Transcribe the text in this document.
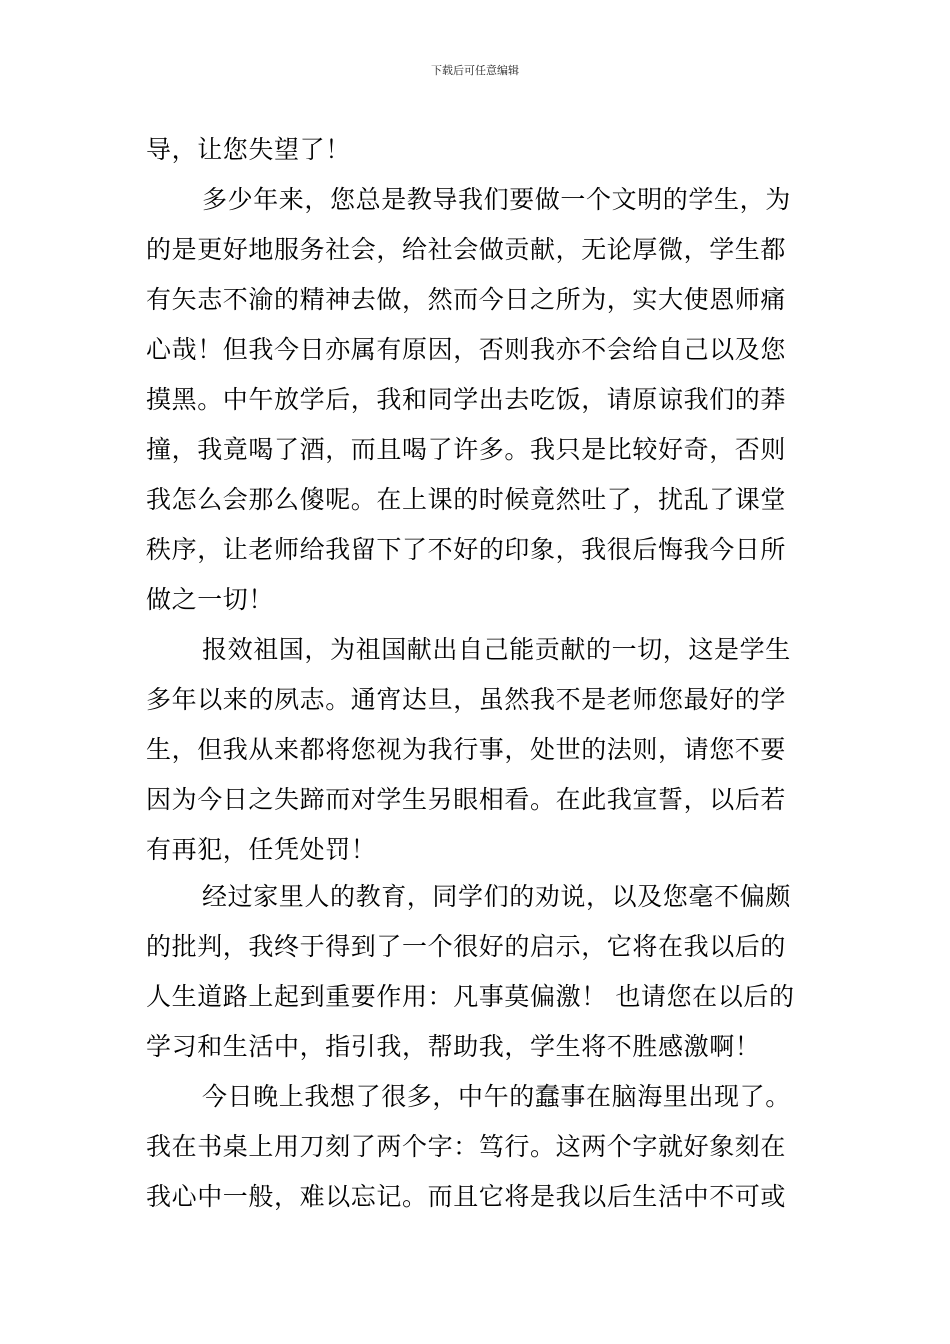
下载后可任意编辑
导，让您失望了！
多少年来，您总是教导我们要做一个文明的学生，为
的是更好地服务社会，给社会做贡献，无论厚微，学生都
有矢志不渝的精神去做，然而今日之所为，实大使恩师痛
心哉！但我今日亦属有原因，否则我亦不会给自己以及您
摸黑。中午放学后，我和同学出去吃饭，请原谅我们的莽
撞，我竟喝了酒，而且喝了许多。我只是比较好奇，否则
我怎么会那么傻呢。在上课的时候竟然吐了，扰乱了课堂
秩序，让老师给我留下了不好的印象，我很后悔我今日所
做之一切！
报效祖国，为祖国献出自己能贡献的一切，这是学生
多年以来的夙志。通宵达旦，虽然我不是老师您最好的学
生，但我从来都将您视为我行事，处世的法则，请您不要
因为今日之失蹄而对学生另眼相看。在此我宣誓，以后若
有再犯，任凭处罚！
经过家里人的教育，同学们的劝说，以及您毫不偏颇
的批判，我终于得到了一个很好的启示，它将在我以后的
人生道路上起到重要作用：凡事莫偏激！ 也请您在以后的
学习和生活中，指引我，帮助我，学生将不胜感激啊！
今日晚上我想了很多，中午的蠢事在脑海里出现了。
我在书桌上用刀刻了两个字：笃行。这两个字就好象刻在
我心中一般，难以忘记。而且它将是我以后生活中不可或
